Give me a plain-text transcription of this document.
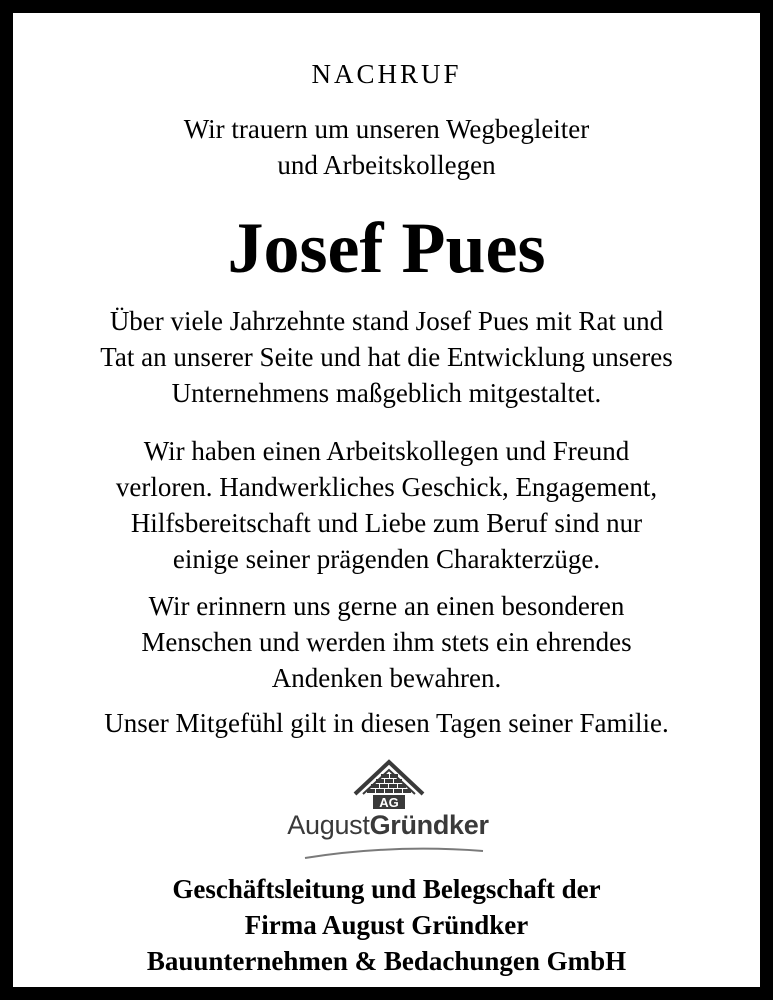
NACHRUF
Wir trauern um unseren Wegbegleiter
und Arbeitskollegen
Josef Pues
Über viele Jahrzehnte stand Josef Pues mit Rat und
Tat an unserer Seite und hat die Entwicklung unseres
Unternehmens maßgeblich mitgestaltet.
Wir haben einen Arbeitskollegen und Freund
verloren. Handwerkliches Geschick, Engagement,
Hilfsbereitschaft und Liebe zum Beruf sind nur
einige seiner prägenden Charakterzüge.
Wir erinnern uns gerne an einen besonderen
Menschen und werden ihm stets ein ehrendes
Andenken bewahren.
Unser Mitgefühl gilt in diesen Tagen seiner Familie.
AG
AugustGründker
Geschäftsleitung und Belegschaft der
Firma August Gründker
Bauunternehmen & Bedachungen GmbH
